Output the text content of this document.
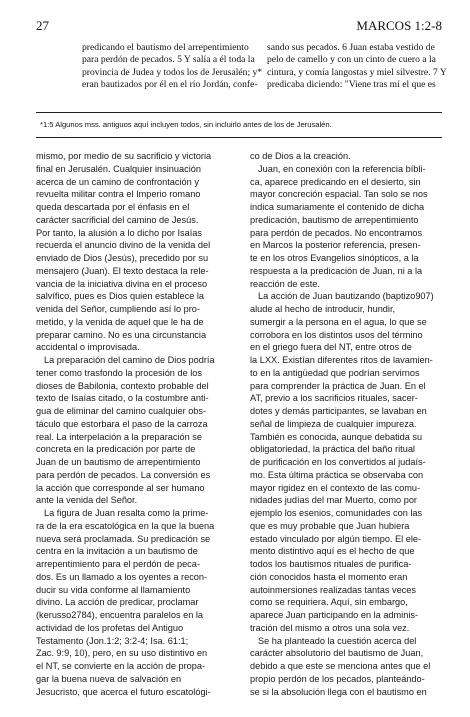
27	MARCOS 1:2-8
predicando el bautismo del arrepentimiento
para perdón de pecados. 5 Y salía a él toda la
provincia de Judea y todos los de Jerusalén; y*
eran bautizados por él en el río Jordán, confe-
sando sus pecados. 6 Juan estaba vestido de
pelo de camello y con un cinto de cuero a la
cintura, y comía langostas y miel silvestre. 7 Y
predicaba diciendo: "Viene tras mí el que es
*1:5 Algunos mss. antiguos aquí incluyen todos, sin incluirlo antes de los de Jerusalén.
mismo, por medio de su sacrificio y victoria
final en Jerusalén. Cualquier insinuación
acerca de un camino de confrontación y
revuelta militar contra el Imperio romano
queda descartada por el énfasis en el
carácter sacrificial del camino de Jesús.
Por tanto, la alusión a lo dicho por Isaías
recuerda el anuncio divino de la venida del
enviado de Dios (Jesús), precedido por su
mensajero (Juan). El texto destaca la rele-
vancia de la iniciativa divina en el proceso
salvífico, pues es Dios quien establece la
venida del Señor, cumpliendo así lo pro-
metido, y la venida de aquel que le ha de
preparar camino. No es una circunstancia
accidental o improvisada.
La preparación del camino de Dios podría
tener como trasfondo la procesión de los
dioses de Babilonia, contexto probable del
texto de Isaías citado, o la costumbre anti-
gua de eliminar del camino cualquier obs-
táculo que estorbara el paso de la carroza
real. La interpelación a la preparación se
concreta en la predicación por parte de
Juan de un bautismo de arrepentimiento
para perdón de pecados. La conversión es
la acción que corresponde al ser humano
ante la venida del Señor.
La figura de Juan resalta como la prime-
ra de la era escatológica en la que la buena
nueva será proclamada. Su predicación se
centra en la invitación a un bautismo de
arrepentimiento para el perdón de peca-
dos. Es un llamado a los oyentes a recon-
ducir su vida conforme al llamamiento
divino. La acción de predicar, proclamar
(kerusso2784), encuentra paralelos en la
actividad de los profetas del Antiguo
Testamento (Jon.1:2; 3:2-4; Isa. 61:1;
Zac. 9:9, 10), pero, en su uso distintivo en
el NT, se convierte en la acción de propa-
gar la buena nueva de salvación en
Jesucristo, que acerca el futuro escatológi-
co de Dios a la creación.
Juan, en conexión con la referencia bíbli-
ca, aparece predicando en el desierto, sin
mayor concreción espacial. Tan solo se nos
indica sumariamente el contenido de dicha
predicación, bautismo de arrepentimiento
para perdón de pecados. No encontramos
en Marcos la posterior referencia, presen-
te en los otros Evangelios sinópticos, a la
respuesta a la predicación de Juan, ni a la
reacción de este.
La acción de Juan bautizando (baptizo907)
alude al hecho de introducir, hundir,
sumergir a la persona en el agua, lo que se
corrobora en los distintos usos del término
en el griego fuera del NT, entre otros de
la LXX. Existían diferentes ritos de lavamien-
to en la antigüedad que podrían servirnos
para comprender la práctica de Juan. En el
AT, previo a los sacrificios rituales, sacer-
dotes y demás participantes, se lavaban en
señal de limpieza de cualquier impureza.
También es conocida, aunque debatida su
obligatoriedad, la práctica del baño ritual
de purificación en los convertidos al judaís-
mo. Esta última práctica se observaba con
mayor rigidez en el contexto de las comu-
nidades judías del mar Muerto, como por
ejemplo los esenios, comunidades con las
que es muy probable que Juan hubiera
estado vinculado por algún tiempo. El ele-
mento distintivo aquí es el hecho de que
todos los bautismos rituales de purifica-
ción conocidos hasta el momento eran
autoinmersiones realizadas tantas veces
como se requiriera. Aquí, sin embargo,
aparece Juan participando en la adminis-
tración del mismo a otros una sola vez.
Se ha planteado la cuestión acerca del
carácter absolutorio del bautismo de Juan,
debido a que este se menciona antes que el
propio perdón de los pecados, planteándo-
se si la absolución llega con el bautismo en
